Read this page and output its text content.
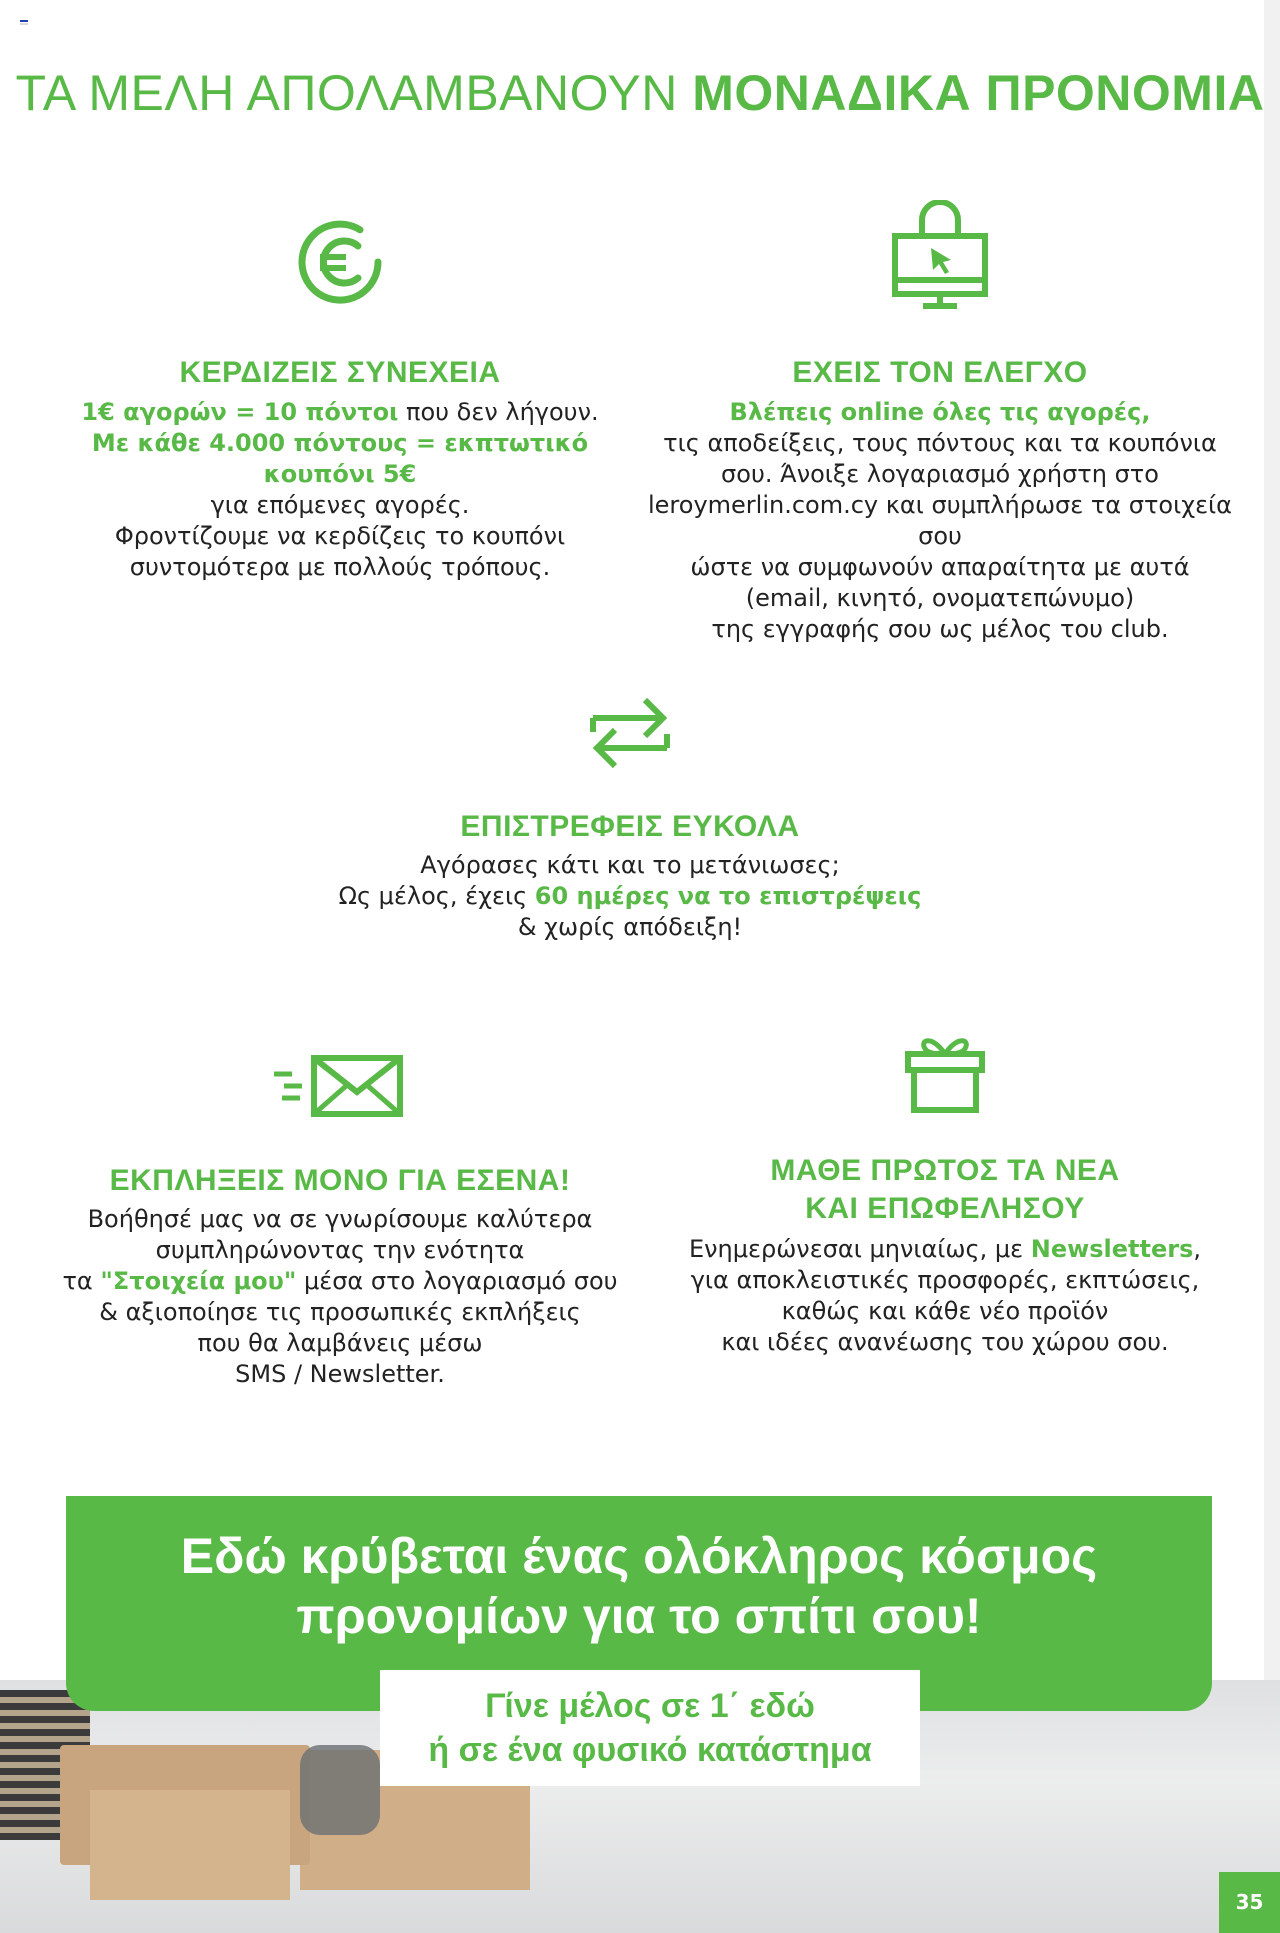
ΤΑ ΜΕΛΗ ΑΠΟΛΑΜΒΑΝΟΥΝ ΜΟΝΑΔΙΚΑ ΠΡΟΝΟΜΙΑ
ΚΕΡΔΙΖΕΙΣ ΣΥΝΕΧΕΙΑ

1€ αγορών = 10 πόντοι που δεν λήγουν.

Με κάθε 4.000 πόντους = εκπτωτικό κουπόνι 5€

για επόμενες αγορές.

Φροντίζουμε να κερδίζεις το κουπόνι

συντομότερα με πολλούς τρόπους.

ΕΧΕΙΣ ΤΟΝ ΕΛΕΓΧΟ

Βλέπεις online όλες τις αγορές,

τις αποδείξεις, τους πόντους και τα κουπόνια

σου. Άνοιξε λογαριασμό χρήστη στο

leroymerlin.com.cy και συμπλήρωσε τα στοιχεία σου

ώστε να συμφωνούν απαραίτητα με αυτά

(email, κινητό, ονοματεπώνυμο)

της εγγραφής σου ως μέλος του club.

ΕΠΙΣΤΡΕΦΕΙΣ ΕΥΚΟΛΑ

Αγόρασες κάτι και το μετάνιωσες;

Ως μέλος, έχεις 60 ημέρες να το επιστρέψεις

& χωρίς απόδειξη!

ΕΚΠΛΗΞΕΙΣ ΜΟΝΟ ΓΙΑ ΕΣΕΝΑ!

Βοήθησέ μας να σε γνωρίσουμε καλύτερα

συμπληρώνοντας την ενότητα

τα "Στοιχεία μου" μέσα στο λογαριασμό σου

& αξιοποίησε τις προσωπικές εκπλήξεις

που θα λαμβάνεις μέσω

SMS / Newsletter.

ΜΑΘΕ ΠΡΩΤΟΣ ΤΑ ΝΕΑ
ΚΑΙ ΕΠΩΦΕΛΗΣΟΥ

Ενημερώνεσαι μηνιαίως, με Newsletters,

για αποκλειστικές προσφορές, εκπτώσεις,

καθώς και κάθε νέο προϊόν

και ιδέες ανανέωσης του χώρου σου.

Εδώ κρύβεται ένας ολόκληρος κόσμος
προνομίων για το σπίτι σου!
Γίνε μέλος σε 1΄ εδώ
ή σε ένα φυσικό κατάστημα
35
